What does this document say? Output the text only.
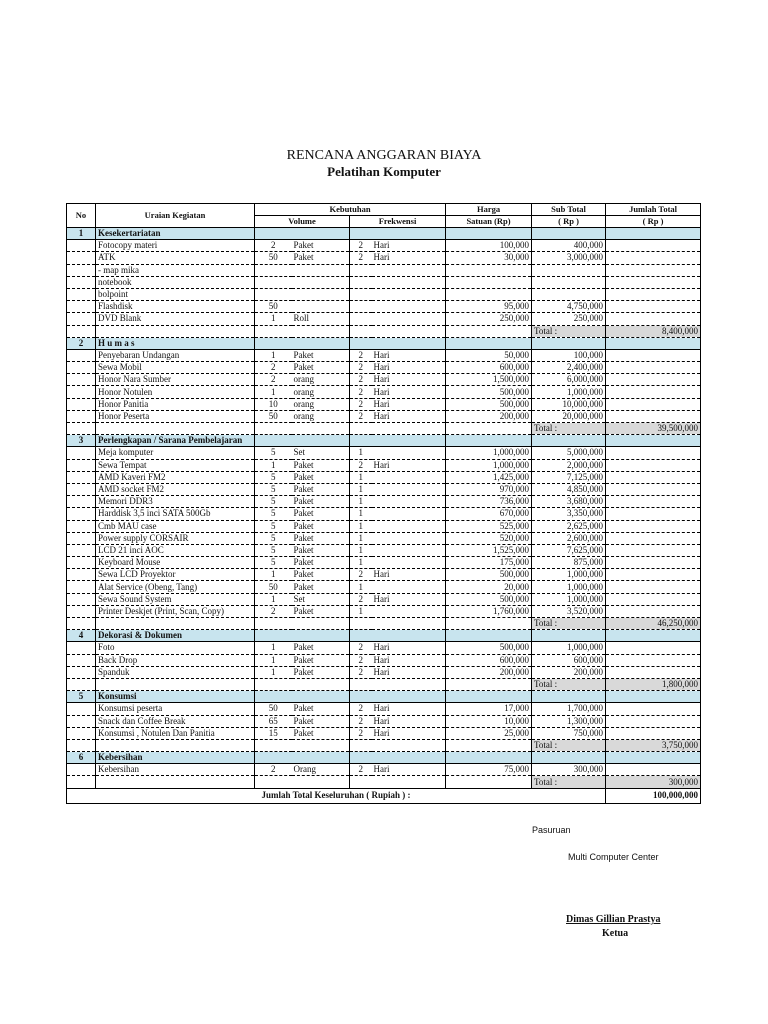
RENCANA ANGGARAN BIAYA
Pelatihan Komputer
No	Uraian Kegiatan	Kebutuhan				Harga	Sub Total	Jumlah Total
		Volume		Frekwensi		Satuan (Rp)	( Rp )	( Rp )
1	Kesekertariatan							
	Fotocopy materi	2	Paket	2	Hari	100,000	400,000	
	ATK	50	Paket	2	Hari	30,000	3,000,000	
	- map mika							
	notebook							
	bolpoint							
	Flashdisk	50				95,000	4,750,000	
	DVD Blank	1	Roll			250,000	250,000	
							Total :	8,400,000
2	H u m a s							
	Penyebaran Undangan	1	Paket	2	Hari	50,000	100,000	
	Sewa Mobil	2	Paket	2	Hari	600,000	2,400,000	
	Honor Nara Sumber	2	orang	2	Hari	1,500,000	6,000,000	
	Honor Notulen	1	orang	2	Hari	500,000	1,000,000	
	Honor Panitia	10	orang	2	Hari	500,000	10,000,000	
	Honor Peserta	50	orang	2	Hari	200,000	20,000,000	
							Total :	39,500,000
3	Perlengkapan / Sarana Pembelajaran							
	Meja komputer	5	Set	1		1,000,000	5,000,000	
	Sewa Tempat	1	Paket	2	Hari	1,000,000	2,000,000	
	AMD Kaveri FM2	5	Paket	1		1,425,000	7,125,000	
	AMD socket FM2	5	Paket	1		970,000	4,850,000	
	Memori DDR3	5	Paket	1		736,000	3,680,000	
	Harddisk 3,5 inci SATA 500Gb	5	Paket	1		670,000	3,350,000	
	Cmb MAU case	5	Paket	1		525,000	2,625,000	
	Power supply CORSAIR	5	Paket	1		520,000	2,600,000	
	LCD 21 inci AOC	5	Paket	1		1,525,000	7,625,000	
	Keyboard Mouse	5	Paket	1		175,000	875,000	
	Sewa LCD Proyektor	1	Paket	2	Hari	500,000	1,000,000	
	Alat Service (Obeng, Tang)	50	Paket	1		20,000	1,000,000	
	Sewa Sound System	1	Set	2	Hari	500,000	1,000,000	
	Printer Deskjet (Print, Scan, Copy)	2	Paket	1		1,760,000	3,520,000	
							Total :	46,250,000
4	Dekorasi & Dokumen							
	Foto	1	Paket	2	Hari	500,000	1,000,000	
	Back Drop	1	Paket	2	Hari	600,000	600,000	
	Spanduk	1	Paket	2	Hari	200,000	200,000	
							Total :	1,800,000
5	Konsumsi							
	Konsumsi peserta	50	Paket	2	Hari	17,000	1,700,000	
	Snack dan Coffee Break	65	Paket	2	Hari	10,000	1,300,000	
	Konsumsi , Notulen Dan Panitia	15	Paket	2	Hari	25,000	750,000	
							Total :	3,750,000
6	Kebersihan							
	Kebersihan	2	Orang	2	Hari	75,000	300,000	
							Total :	300,000
Jumlah Total Keseluruhan ( Rupiah ) :								100,000,000
Pasuruan
Multi Computer Center
Dimas Gillian Prastya
Ketua
